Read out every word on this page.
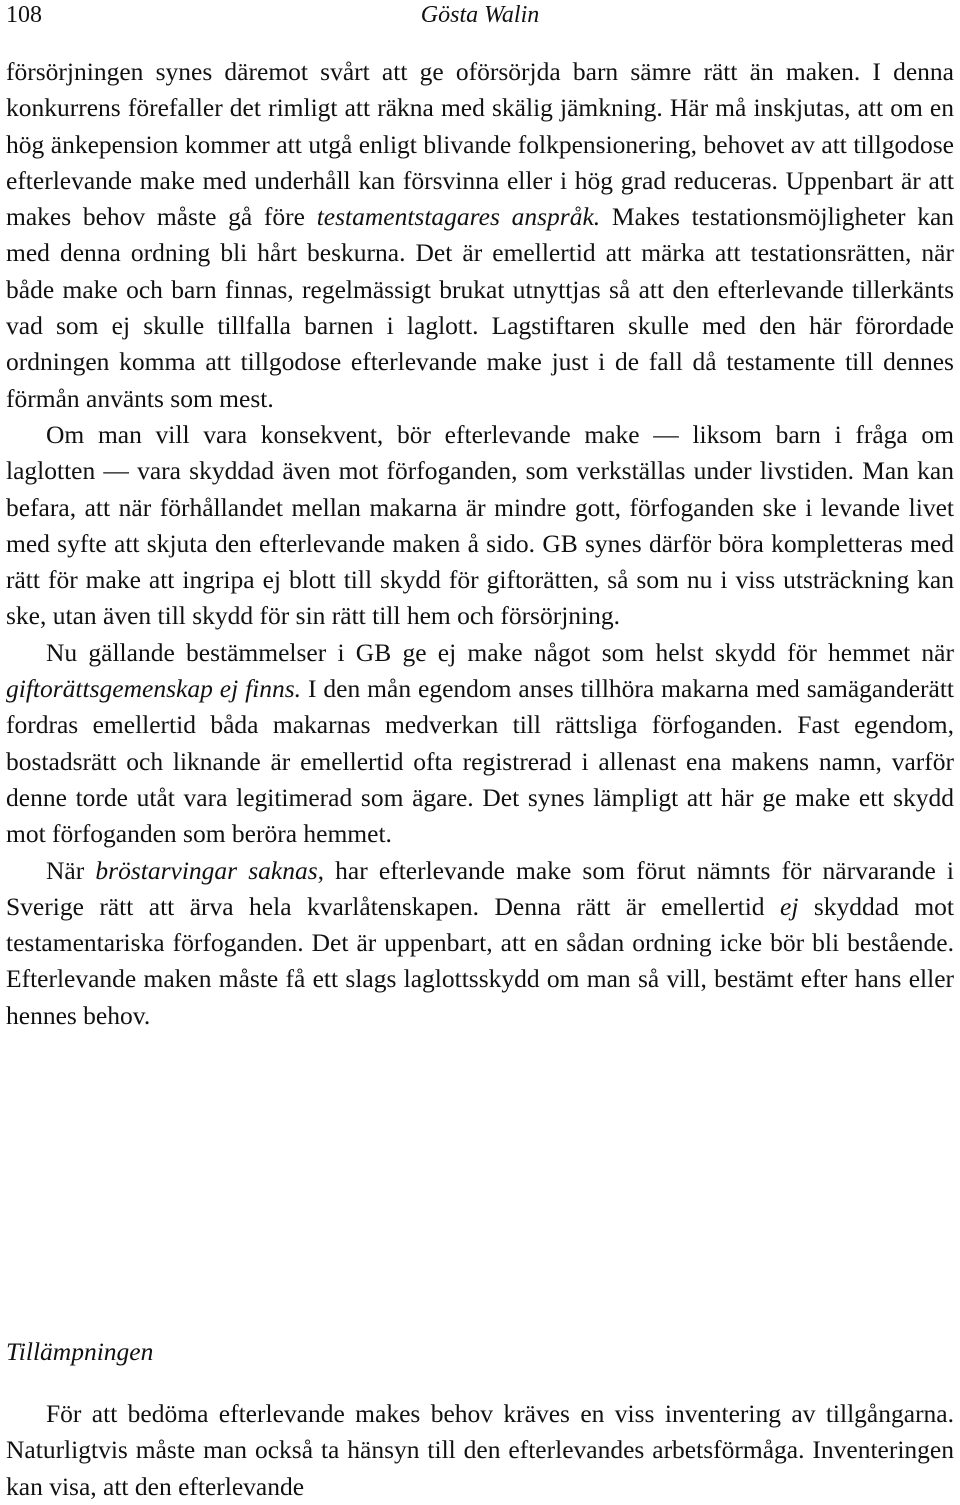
108	Gösta Walin

försörjningen synes däremot svårt att ge oförsörjda barn sämre rätt än maken. I denna konkurrens förefaller det rimligt att räkna med skälig jämkning. Här må inskjutas, att om en hög änkepension kommer att utgå enligt blivande folkpensionering, behovet av att tillgodose efterlevande make med underhåll kan försvinna eller i hög grad reduceras. Uppenbart är att makes behov måste gå före testamentstagares anspråk. Makes testationsmöjligheter kan med denna ordning bli hårt beskurna. Det är emellertid att märka att testationsrätten, när både make och barn finnas, regelmässigt brukat utnyttjas så att den efterlevande tillerkänts vad som ej skulle tillfalla barnen i laglott. Lagstiftaren skulle med den här förordade ordningen komma att tillgodose efterlevande make just i de fall då testamente till dennes förmån använts som mest.

Om man vill vara konsekvent, bör efterlevande make — liksom barn i fråga om laglotten — vara skyddad även mot förfoganden, som verkställas under livstiden. Man kan befara, att när förhållandet mellan makarna är mindre gott, förfoganden ske i levande livet med syfte att skjuta den efterlevande maken å sido. GB synes därför böra kompletteras med rätt för make att ingripa ej blott till skydd för giftorätten, så som nu i viss utsträckning kan ske, utan även till skydd för sin rätt till hem och försörjning.

Nu gällande bestämmelser i GB ge ej make något som helst skydd för hemmet när giftorättsgemenskap ej finns. I den mån egendom anses tillhöra makarna med samäganderätt fordras emellertid båda makarnas medverkan till rättsliga förfoganden. Fast egendom, bostadsrätt och liknande är emellertid ofta registrerad i allenast ena makens namn, varför denne torde utåt vara legitimerad som ägare. Det synes lämpligt att här ge make ett skydd mot förfoganden som beröra hemmet.

När bröstarvingar saknas, har efterlevande make som förut nämnts för närvarande i Sverige rätt att ärva hela kvarlåtenskapen. Denna rätt är emellertid ej skyddad mot testamentariska förfoganden. Det är uppenbart, att en sådan ordning icke bör bli bestående. Efterlevande maken måste få ett slags laglottsskydd om man så vill, bestämt efter hans eller hennes behov.

Tillämpningen

För att bedöma efterlevande makes behov kräves en viss inventering av tillgångarna. Naturligtvis måste man också ta hänsyn till den efterlevandes arbetsförmåga. Inventeringen kan visa, att den efterlevande
